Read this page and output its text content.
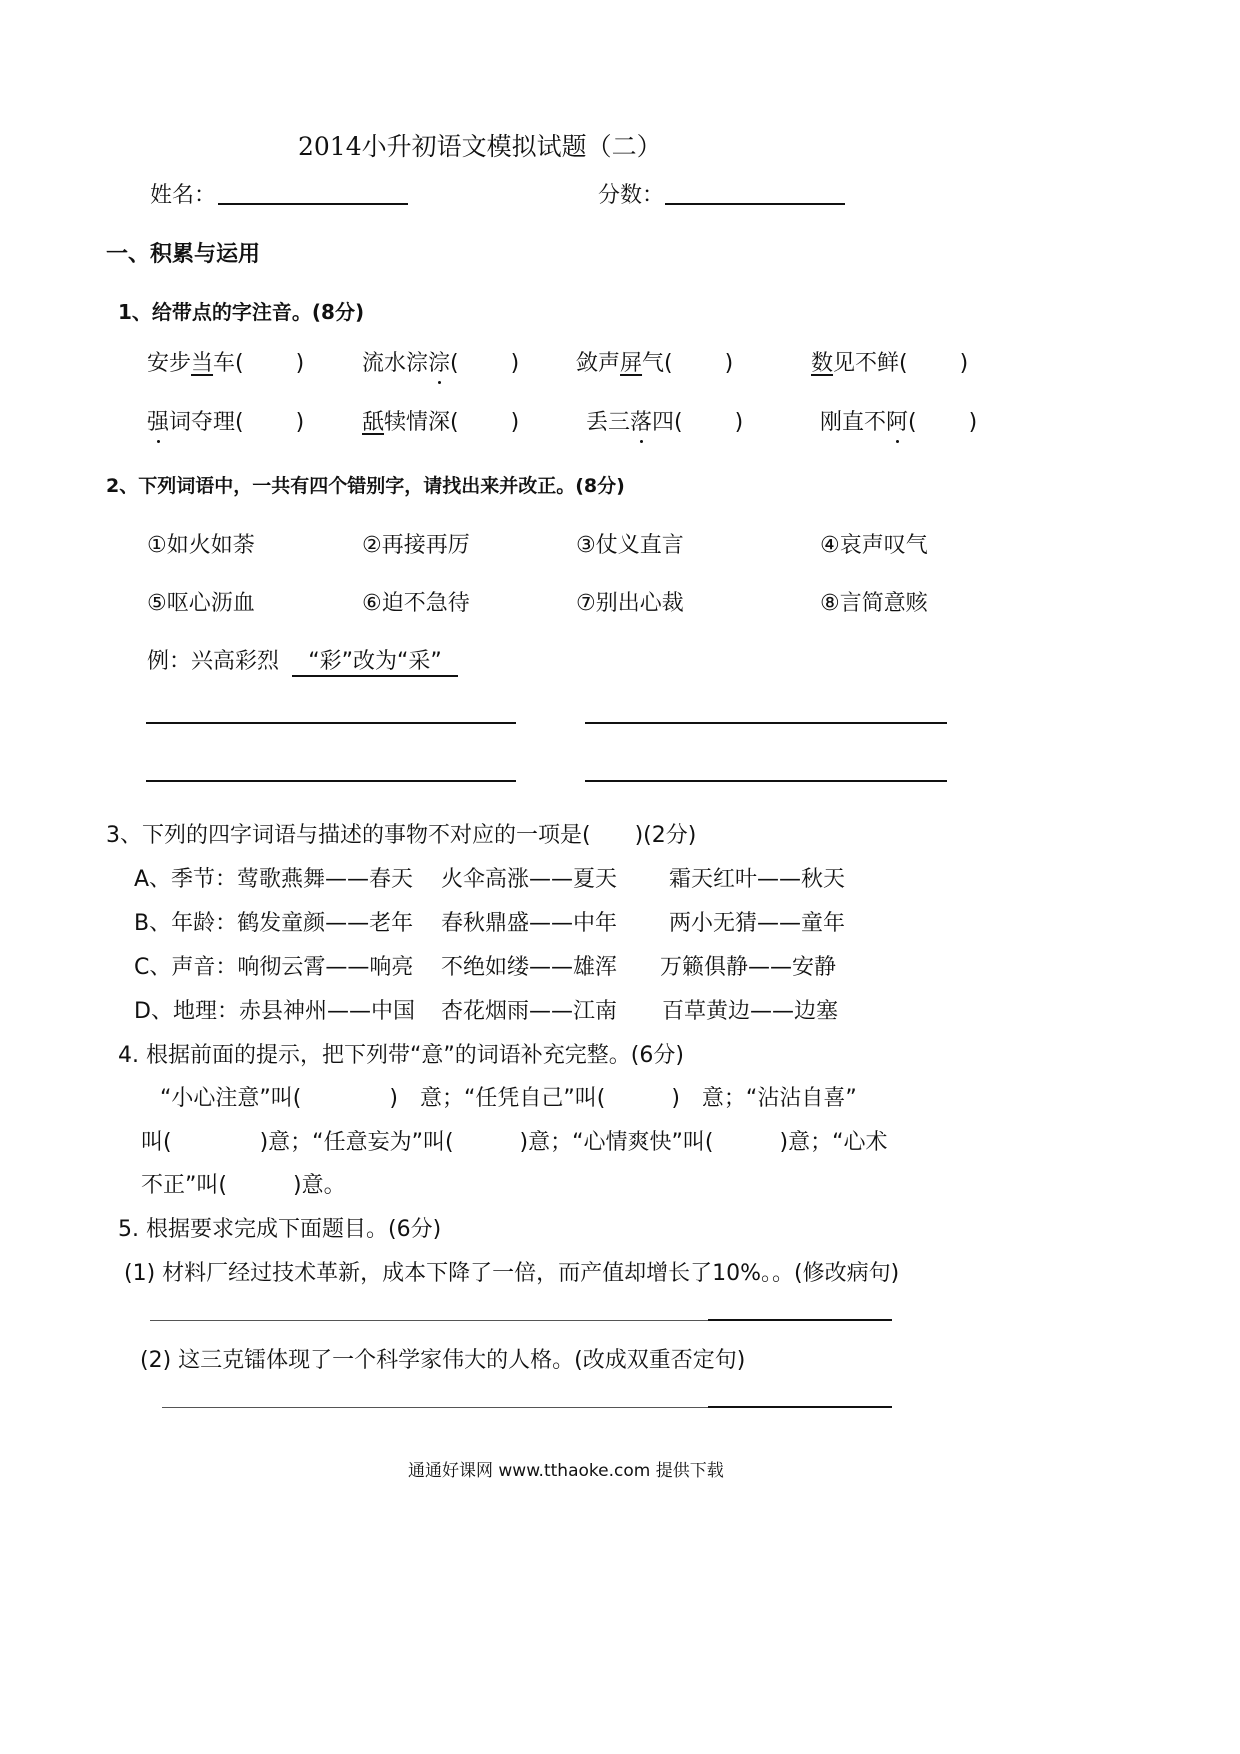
2014小升初语文模拟试题（二）
姓名：	分数：
一、积累与运用
1、给带点的字注音。(8分)
安步当车( )	流水淙淙( )	敛声屏气( )	数见不鲜( )
强词夺理( )	舐犊情深( )	丢三落四( )	刚直不阿( )
2、下列词语中，一共有四个错别字，请找出来并改正。(8分)
①如火如荼	②再接再厉	③仗义直言	④哀声叹气
⑤呕心沥血	⑥迫不急待	⑦别出心裁	⑧言简意赅
例：兴高彩烈	“彩”改为“采”
3、下列的四字词语与描述的事物不对应的一项是(　　)(2分)
A、季节：莺歌燕舞——春天 火伞高涨——夏天 霜天红叶——秋天
B、年龄：鹤发童颜——老年 春秋鼎盛——中年 两小无猜——童年
C、声音：响彻云霄——响亮 不绝如缕——雄浑 万籁俱静——安静
D、地理：赤县神州——中国 杏花烟雨——江南 百草黄边——边塞
4. 根据前面的提示，把下列带“意”的词语补充完整。(6分)
“小心注意”叫(　　　　)　意；“任凭自己”叫(　　　)　意；“沾沾自喜”
叫(　　　　)意；“任意妄为”叫(　　　)意；“心情爽快”叫(　　　)意；“心术
不正”叫(　　　)意。
5. 根据要求完成下面题目。(6分)
(1) 材料厂经过技术革新，成本下降了一倍，而产值却增长了10%。。(修改病句)
(2) 这三克镭体现了一个科学家伟大的人格。(改成双重否定句)
通通好课网 www.tthaoke.com 提供下载
